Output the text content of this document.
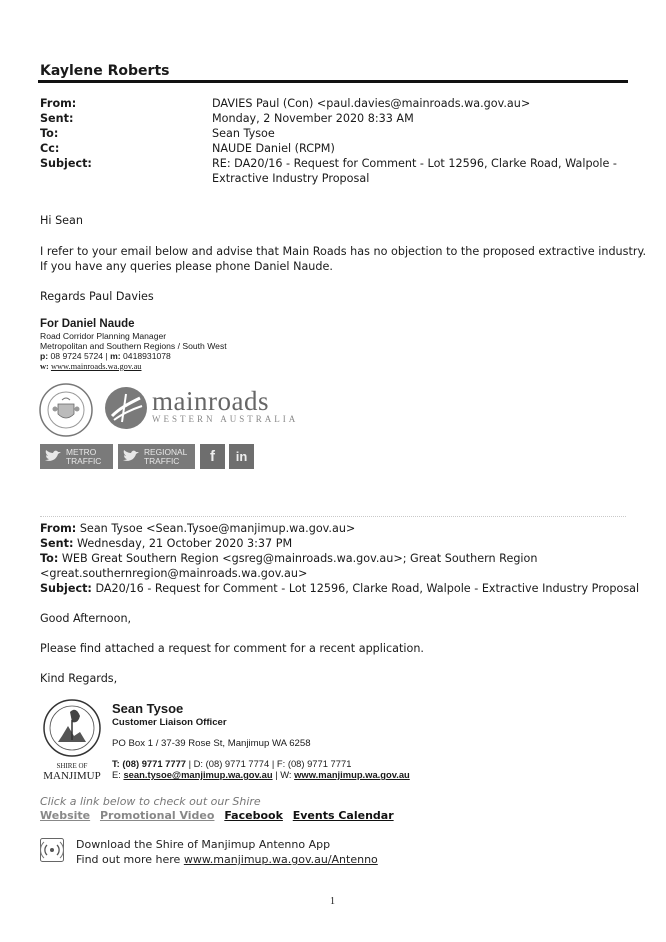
Kaylene Roberts
From:	DAVIES Paul (Con) <paul.davies@mainroads.wa.gov.au>
Sent:	Monday, 2 November 2020 8:33 AM
To:	Sean Tysoe
Cc:	NAUDE Daniel (RCPM)
Subject:	RE: DA20/16 - Request for Comment - Lot 12596, Clarke Road, Walpole - Extractive Industry Proposal
Hi Sean
I refer to your email below and advise that Main Roads has no objection to the proposed extractive industry.
If you have any queries please phone Daniel Naude.
Regards Paul Davies
For Daniel Naude
Road Corridor Planning Manager
Metropolitan and Southern Regions / South West
p: 08 9724 5724 | m: 0418931078
w: www.mainroads.wa.gov.au
mainroads
WESTERN AUSTRALIA
METRO
TRAFFIC
REGIONAL
TRAFFIC	f	in
From: Sean Tysoe <Sean.Tysoe@manjimup.wa.gov.au>
Sent: Wednesday, 21 October 2020 3:37 PM
To: WEB Great Southern Region <gsreg@mainroads.wa.gov.au>; Great Southern Region
<great.southernregion@mainroads.wa.gov.au>
Subject: DA20/16 - Request for Comment - Lot 12596, Clarke Road, Walpole - Extractive Industry Proposal
Good Afternoon,
Please find attached a request for comment for a recent application.
Kind Regards,
SHIRE OF
MANJIMUP
Sean Tysoe
Customer Liaison Officer
PO Box 1 / 37-39 Rose St, Manjimup WA 6258
T: (08) 9771 7777 | D: (08) 9771 7774 | F: (08) 9771 7771
E: sean.tysoe@manjimup.wa.gov.au | W: www.manjimup.wa.gov.au
Click a link below to check out our Shire
Website Promotional Video Facebook Events Calendar
Download the Shire of Manjimup Antenno App
Find out more here www.manjimup.wa.gov.au/Antenno
1
